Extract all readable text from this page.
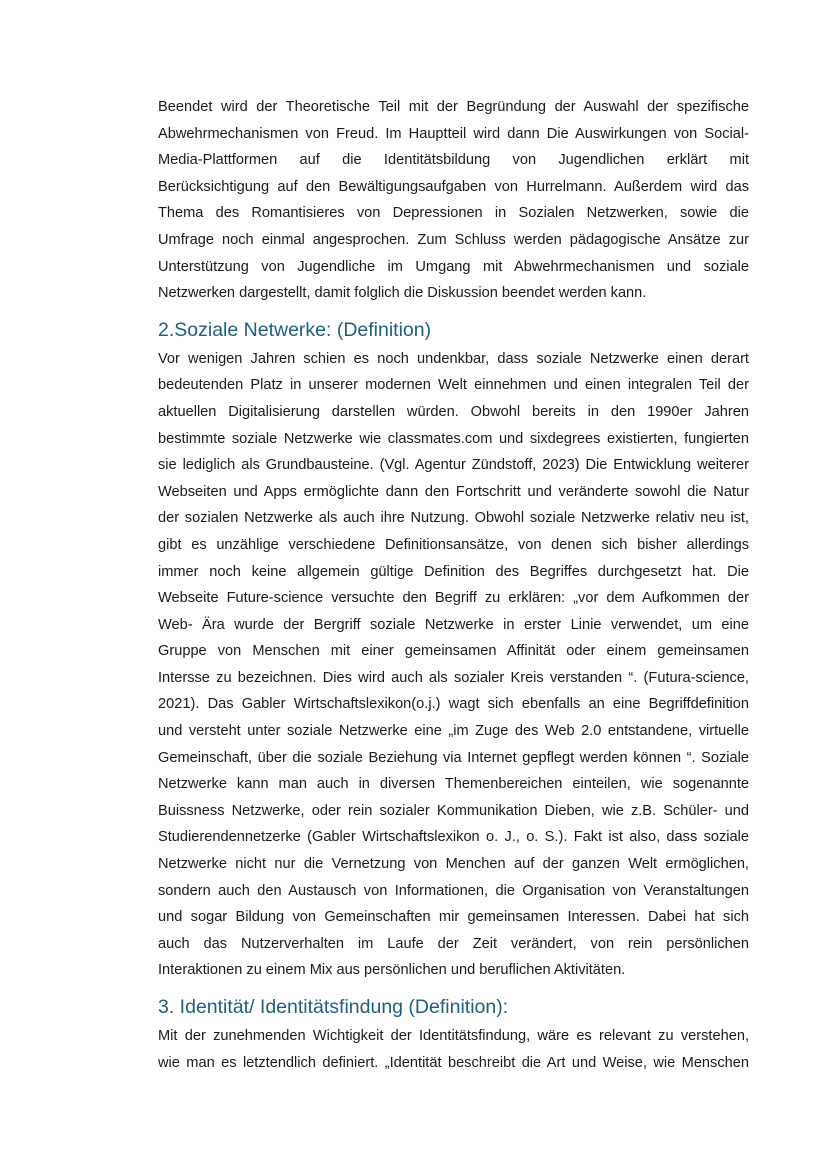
Beendet wird der Theoretische Teil mit der Begründung der Auswahl der spezifische
Abwehrmechanismen von Freud. Im Hauptteil wird dann Die Auswirkungen von Social-
Media-Plattformen auf die Identitätsbildung von Jugendlichen erklärt mit
Berücksichtigung auf den Bewältigungsaufgaben von Hurrelmann. Außerdem wird das
Thema des Romantisieres von Depressionen in Sozialen Netzwerken, sowie die
Umfrage noch einmal angesprochen. Zum Schluss werden pädagogische Ansätze zur
Unterstützung von Jugendliche im Umgang mit Abwehrmechanismen und soziale
Netzwerken dargestellt, damit folglich die Diskussion beendet werden kann.
2.Soziale Netwerke: (Definition)
Vor wenigen Jahren schien es noch undenkbar, dass soziale Netzwerke einen derart
bedeutenden Platz in unserer modernen Welt einnehmen und einen integralen Teil der
aktuellen Digitalisierung darstellen würden. Obwohl bereits in den 1990er Jahren
bestimmte soziale Netzwerke wie classmates.com und sixdegrees existierten, fungierten
sie lediglich als Grundbausteine. (Vgl. Agentur Zündstoff, 2023) Die Entwicklung weiterer
Webseiten und Apps ermöglichte dann den Fortschritt und veränderte sowohl die Natur
der sozialen Netzwerke als auch ihre Nutzung. Obwohl soziale Netzwerke relativ neu ist,
gibt es unzählige verschiedene Definitionsansätze, von denen sich bisher allerdings
immer noch keine allgemein gültige Definition des Begriffes durchgesetzt hat. Die
Webseite Future-science versuchte den Begriff zu erklären: „vor dem Aufkommen der
Web- Ära wurde der Bergriff soziale Netzwerke in erster Linie verwendet, um eine
Gruppe von Menschen mit einer gemeinsamen Affinität oder einem gemeinsamen
Intersse zu bezeichnen. Dies wird auch als sozialer Kreis verstanden “. (Futura-science,
2021). Das Gabler Wirtschaftslexikon(o.j.) wagt sich ebenfalls an eine Begriffdefinition
und versteht unter soziale Netzwerke eine „im Zuge des Web 2.0 entstandene, virtuelle
Gemeinschaft, über die soziale Beziehung via Internet gepflegt werden können “. Soziale
Netzwerke kann man auch in diversen Themenbereichen einteilen, wie sogenannte
Buissness Netzwerke, oder rein sozialer Kommunikation Dieben, wie z.B. Schüler- und
Studierendennetzerke (Gabler Wirtschaftslexikon o. J., o. S.). Fakt ist also, dass soziale
Netzwerke nicht nur die Vernetzung von Menchen auf der ganzen Welt ermöglichen,
sondern auch den Austausch von Informationen, die Organisation von Veranstaltungen
und sogar Bildung von Gemeinschaften mir gemeinsamen Interessen. Dabei hat sich
auch das Nutzerverhalten im Laufe der Zeit verändert, von rein persönlichen
Interaktionen zu einem Mix aus persönlichen und beruflichen Aktivitäten.
3. Identität/ Identitätsfindung (Definition):
Mit der zunehmenden Wichtigkeit der Identitätsfindung, wäre es relevant zu verstehen,
wie man es letztendlich definiert. „Identität beschreibt die Art und Weise, wie Menschen
